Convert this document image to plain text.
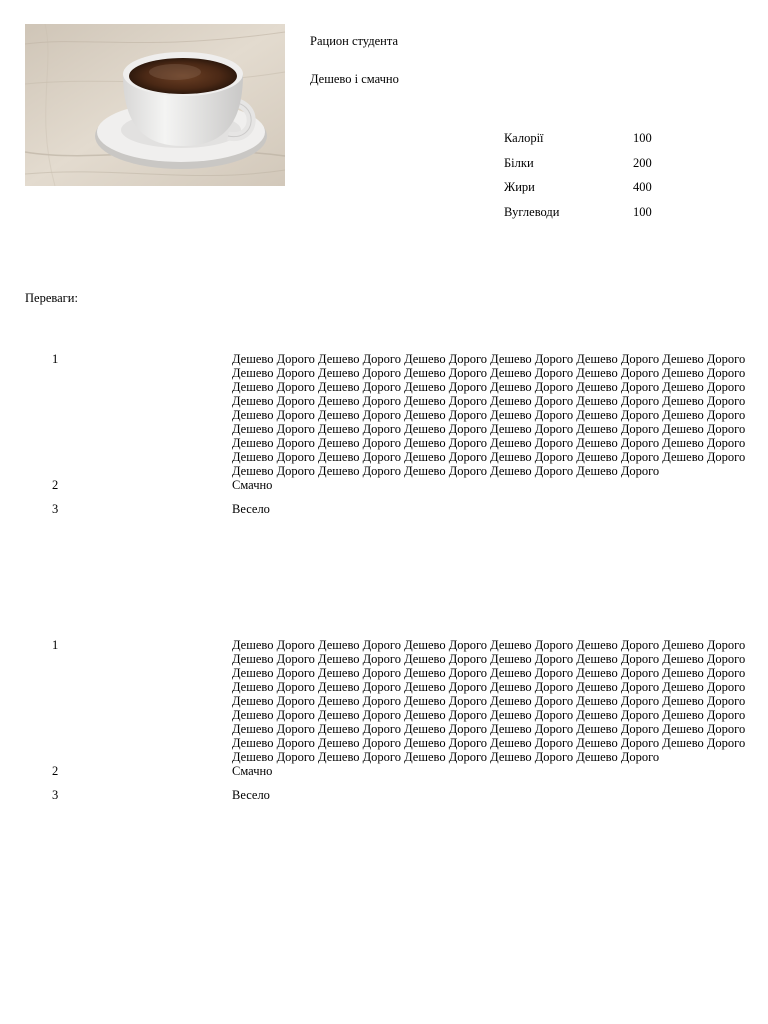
Рацион студента
Дешево і смачно
Калорії	100
Білки	200
Жири	400
Вуглеводи	100
Переваги:
1	Дешево Дорого Дешево Дорого Дешево Дорого Дешево Дорого Дешево Дорого Дешево Дорого Дешево Дорого Дешево Дорого Дешево Дорого Дешево Дорого Дешево Дорого Дешево Дорого Дешево Дорого Дешево Дорого Дешево Дорого Дешево Дорого Дешево Дорого Дешево Дорого Дешево Дорого Дешево Дорого Дешево Дорого Дешево Дорого Дешево Дорого Дешево Дорого Дешево Дорого Дешево Дорого Дешево Дорого Дешево Дорого Дешево Дорого Дешево Дорого Дешево Дорого Дешево Дорого Дешево Дорого Дешево Дорого Дешево Дорого Дешево Дорого Дешево Дорого Дешево Дорого Дешево Дорого Дешево Дорого Дешево Дорого Дешево Дорого Дешево Дорого Дешево Дорого Дешево Дорого Дешево Дорого Дешево Дорого Дешево Дорого Дешево Дорого Дешево Дорого Дешево Дорого Дешево Дорого Дешево Дорого
2	Смачно
3	Весело
1	Дешево Дорого Дешево Дорого Дешево Дорого Дешево Дорого Дешево Дорого Дешево Дорого Дешево Дорого Дешево Дорого Дешево Дорого Дешево Дорого Дешево Дорого Дешево Дорого Дешево Дорого Дешево Дорого Дешево Дорого Дешево Дорого Дешево Дорого Дешево Дорого Дешево Дорого Дешево Дорого Дешево Дорого Дешево Дорого Дешево Дорого Дешево Дорого Дешево Дорого Дешево Дорого Дешево Дорого Дешево Дорого Дешево Дорого Дешево Дорого Дешево Дорого Дешево Дорого Дешево Дорого Дешево Дорого Дешево Дорого Дешево Дорого Дешево Дорого Дешево Дорого Дешево Дорого Дешево Дорого Дешево Дорого Дешево Дорого Дешево Дорого Дешево Дорого Дешево Дорого Дешево Дорого Дешево Дорого Дешево Дорого Дешево Дорого Дешево Дорого Дешево Дорого Дешево Дорого Дешево Дорого
2	Смачно
3	Весело
